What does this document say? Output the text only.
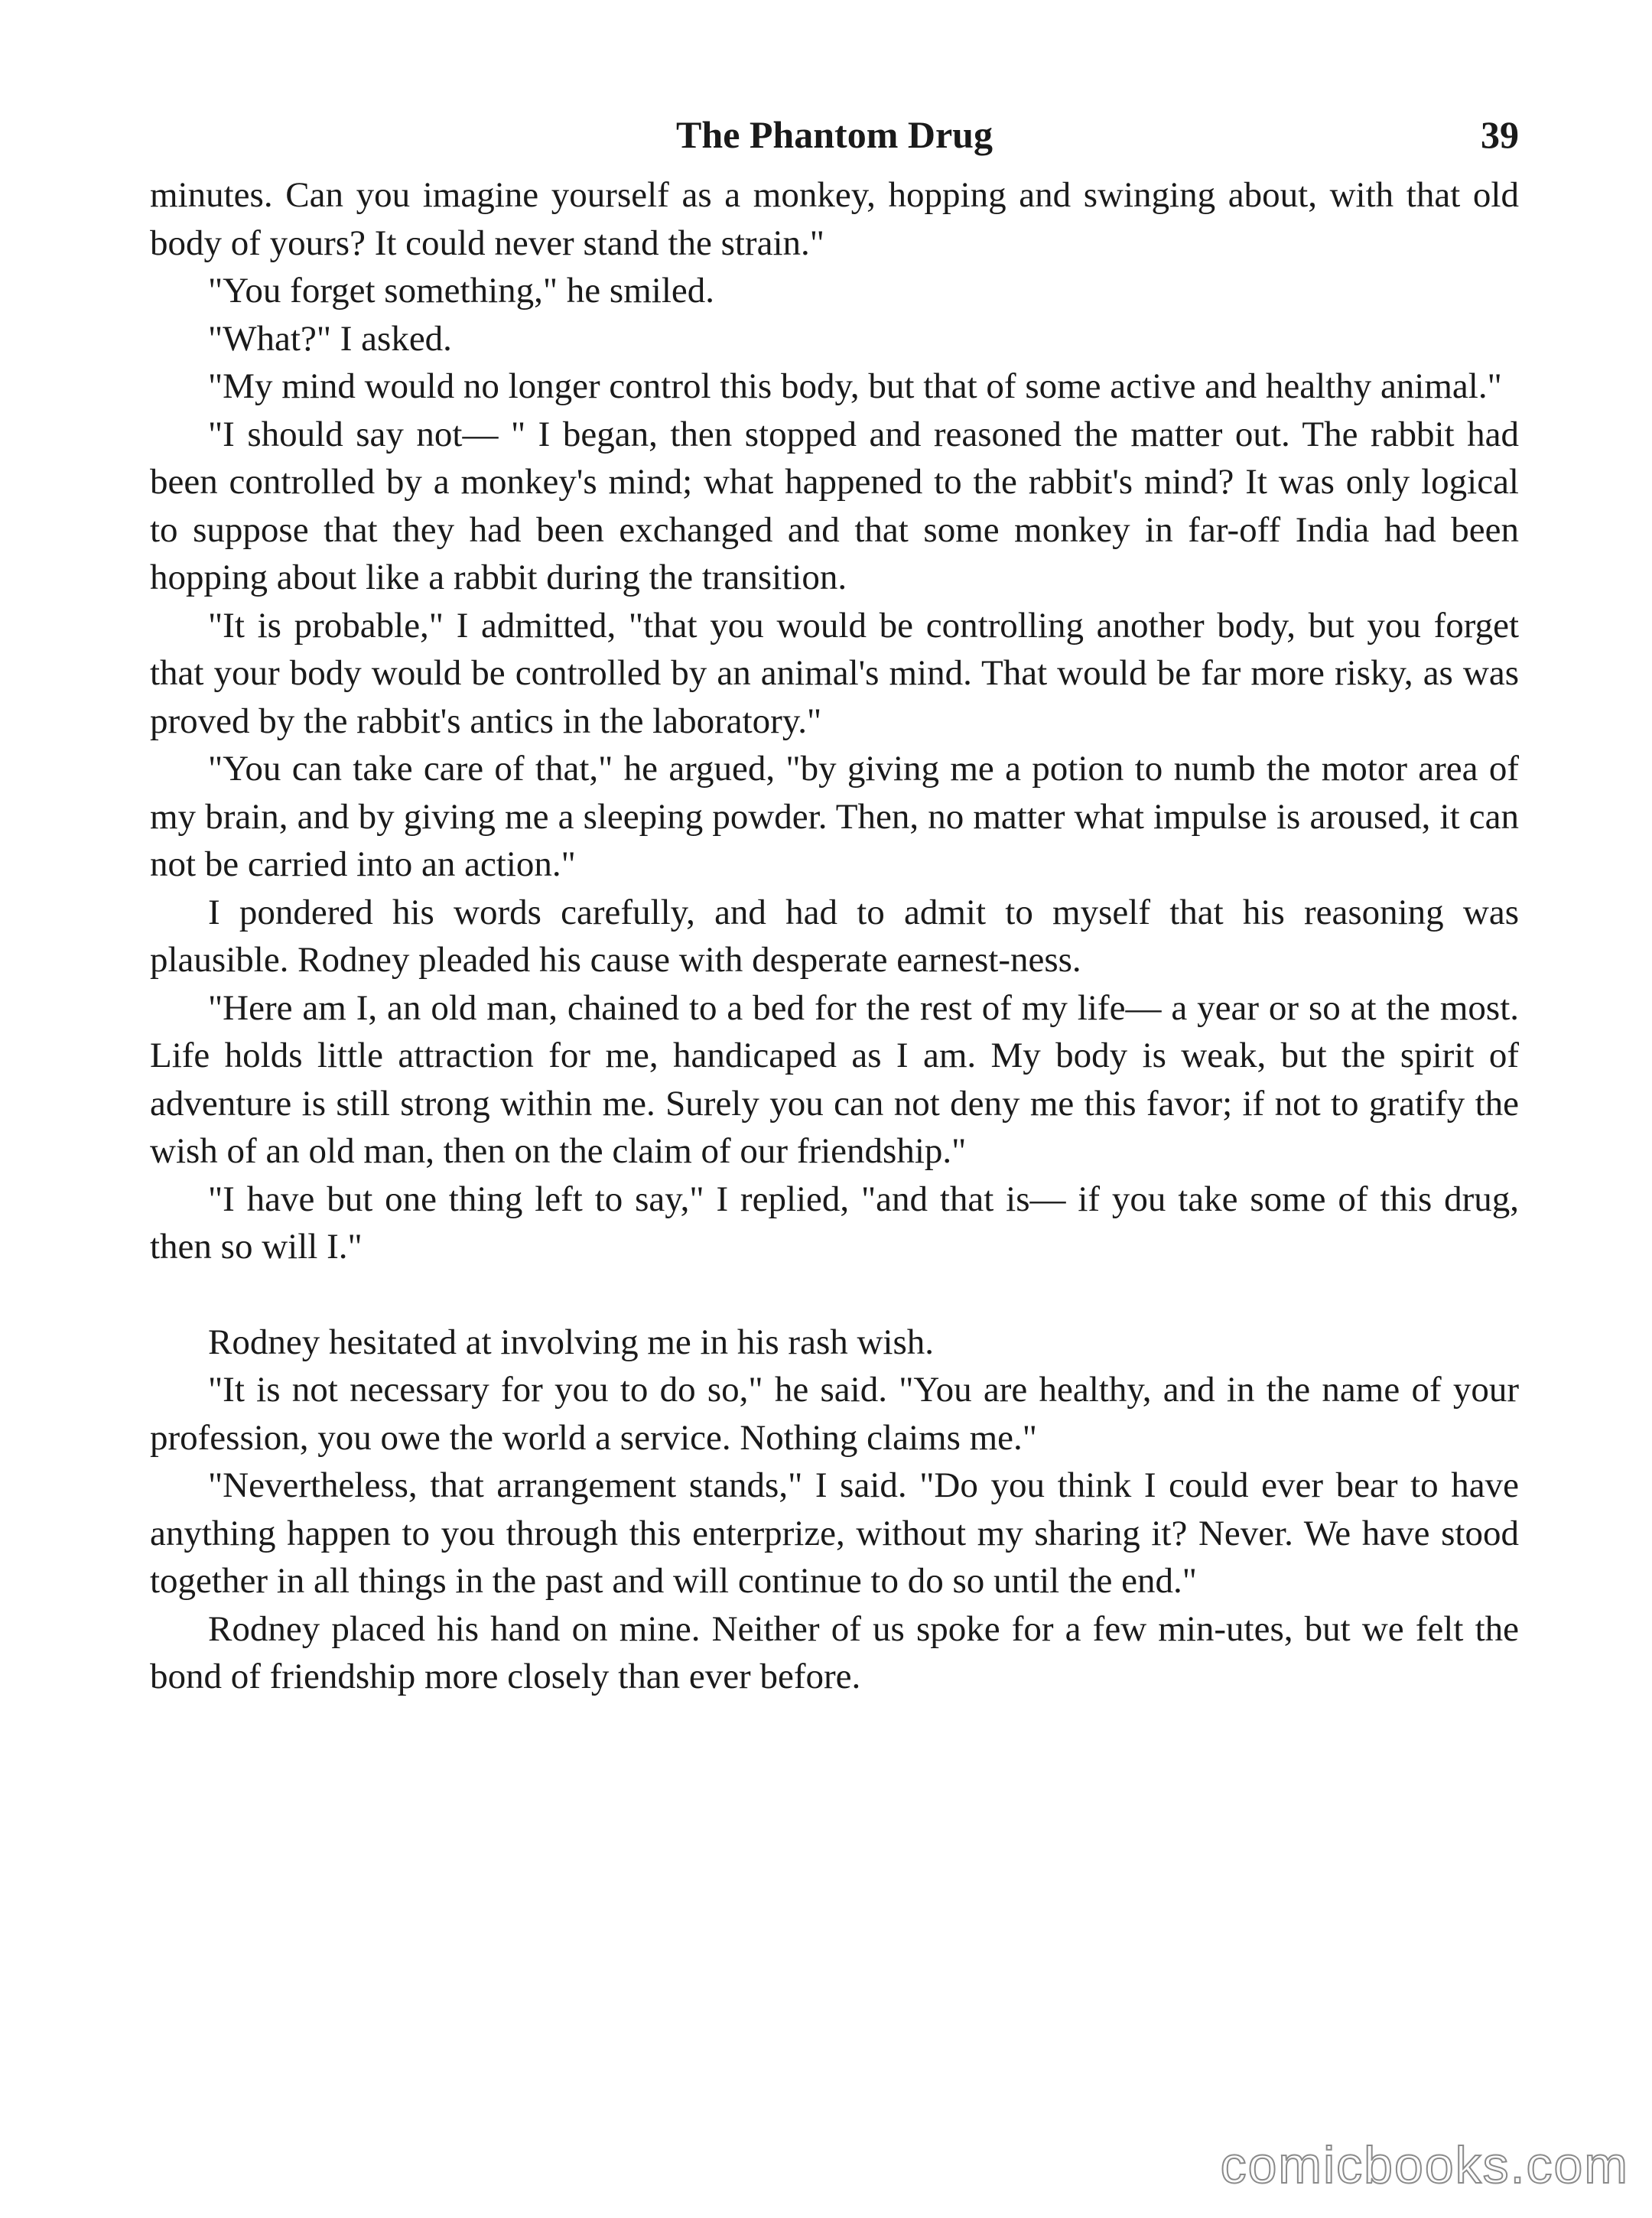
The Phantom Drug	39

minutes. Can you imagine yourself as a monkey, hopping and swinging about, with that old body of yours? It could never stand the strain."

"You forget something," he smiled.

"What?" I asked.

"My mind would no longer control this body, but that of some active and healthy animal."

"I should say not— " I began, then stopped and reasoned the matter out. The rabbit had been controlled by a monkey's mind; what happened to the rabbit's mind? It was only logical to suppose that they had been exchanged and that some monkey in far-off India had been hopping about like a rabbit during the transition.

"It is probable," I admitted, "that you would be controlling another body, but you forget that your body would be controlled by an animal's mind. That would be far more risky, as was proved by the rabbit's antics in the laboratory."

"You can take care of that," he argued, "by giving me a potion to numb the motor area of my brain, and by giving me a sleeping powder. Then, no matter what impulse is aroused, it can not be carried into an action."

I pondered his words carefully, and had to admit to myself that his reasoning was plausible. Rodney pleaded his cause with desperate earnest-ness.

"Here am I, an old man, chained to a bed for the rest of my life— a year or so at the most. Life holds little attraction for me, handicaped as I am. My body is weak, but the spirit of adventure is still strong within me. Surely you can not deny me this favor; if not to gratify the wish of an old man, then on the claim of our friendship."

"I have but one thing left to say," I replied, "and that is— if you take some of this drug, then so will I."

Rodney hesitated at involving me in his rash wish.

"It is not necessary for you to do so," he said. "You are healthy, and in the name of your profession, you owe the world a service. Nothing claims me."

"Nevertheless, that arrangement stands," I said. "Do you think I could ever bear to have anything happen to you through this enterprize, without my sharing it? Never. We have stood together in all things in the past and will continue to do so until the end."

Rodney placed his hand on mine. Neither of us spoke for a few min-utes, but we felt the bond of friendship more closely than ever before.

comicbooks.com
